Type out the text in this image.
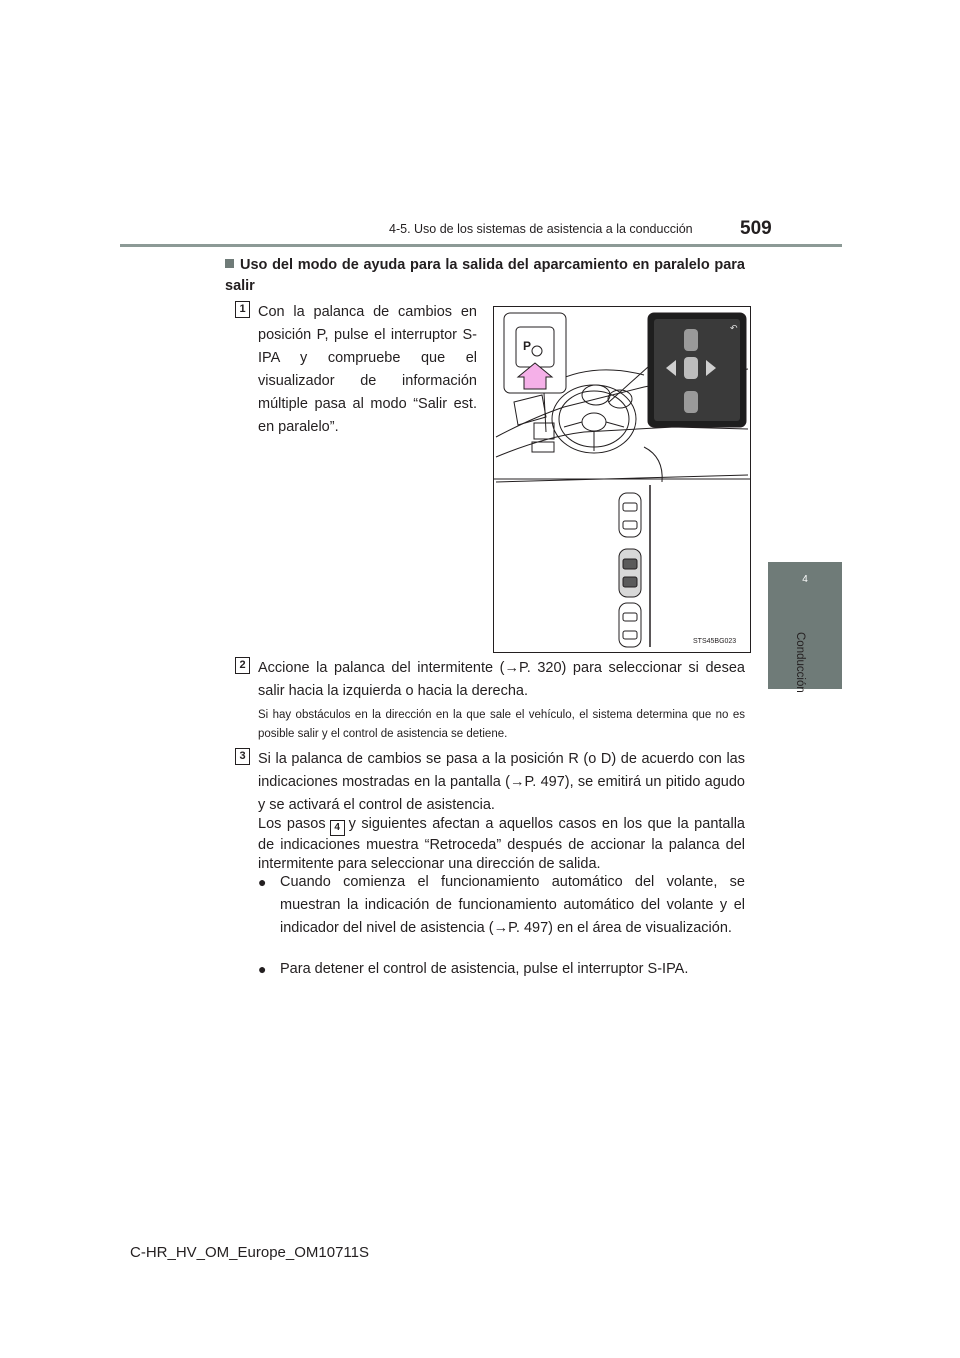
4-5. Uso de los sistemas de asistencia a la conducción 509
4
Conducción
Uso del modo de ayuda para la salida del aparcamiento en paralelo para salir
1 Con la palanca de cambios en posición P, pulse el interruptor S-IPA y compruebe que el visualizador de información múltiple pasa al modo “Salir est. en paralelo”.
P
↶
STS45BG023
2 Accione la palanca del intermitente (→P. 320) para seleccionar si desea salir hacia la izquierda o hacia la derecha.
Si hay obstáculos en la dirección en la que sale el vehículo, el sistema determina que no es posible salir y el control de asistencia se detiene.
3 Si la palanca de cambios se pasa a la posición R (o D) de acuerdo con las indicaciones mostradas en la pantalla (→P. 497), se emitirá un pitido agudo y se activará el control de asistencia.
Los pasos 4 y siguientes afectan a aquellos casos en los que la pantalla de indicaciones muestra “Retroceda” después de accionar la palanca del intermitente para seleccionar una dirección de salida.
● Cuando comienza el funcionamiento automático del volante, se muestran la indicación de funcionamiento automático del volante y el indicador del nivel de asistencia (→P. 497) en el área de visualización.
● Para detener el control de asistencia, pulse el interruptor S-IPA.
C-HR_HV_OM_Europe_OM10711S
